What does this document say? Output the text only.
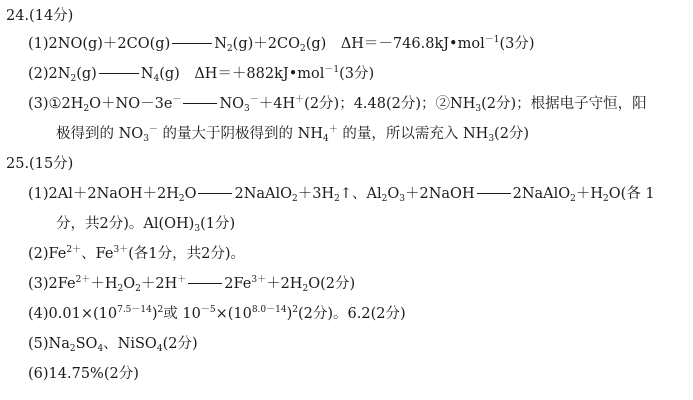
24.(14分)
(1)2NO(g)＋2CO(g)	$N_2(g)+2CO_2(g)$　ΔH＝－746.8kJ•mol$^{-1}$(3分)
$(2)2N_2(g)$	$N_4(g)$　ΔH＝＋882kJ•mol$^{-1}$(3分)
$(3)①2H_2O+NO-3e^-$	$NO_3^-+4H^+(2$分)；4.48(2分)；$②NH_3(2$分)；根据电子守恒，阳
极得到的 $NO_3^-$ 的量大于阴极得到的 $NH_4^+$ 的量，所以需充入 $NH_3(2$分)
25.(15分)
$(1)2Al+2NaOH+2H_2O$	$2NaAlO_2+3H_2↑$、$Al_2O_3+2NaOH$	$2NaAlO_2+H_2O$(各 1
分，共2分)。$Al(OH)_3(1$分)
$(2)Fe^{2+}$、$Fe^{3+}$(各1分，共2分)。
$(3)2Fe^{2+}+H_2O_2+2H^+$	$2Fe^{3+}+2H_2O(2$分)
$(4)0.01\times(10^{7.5-14})^2$或 $10^{-5}\times(10^{8.0-14})^2(2$分)。6.2(2分)
$(5)Na_2SO_4$、NiSO$_4$(2分)
(6)14.75%(2分)
